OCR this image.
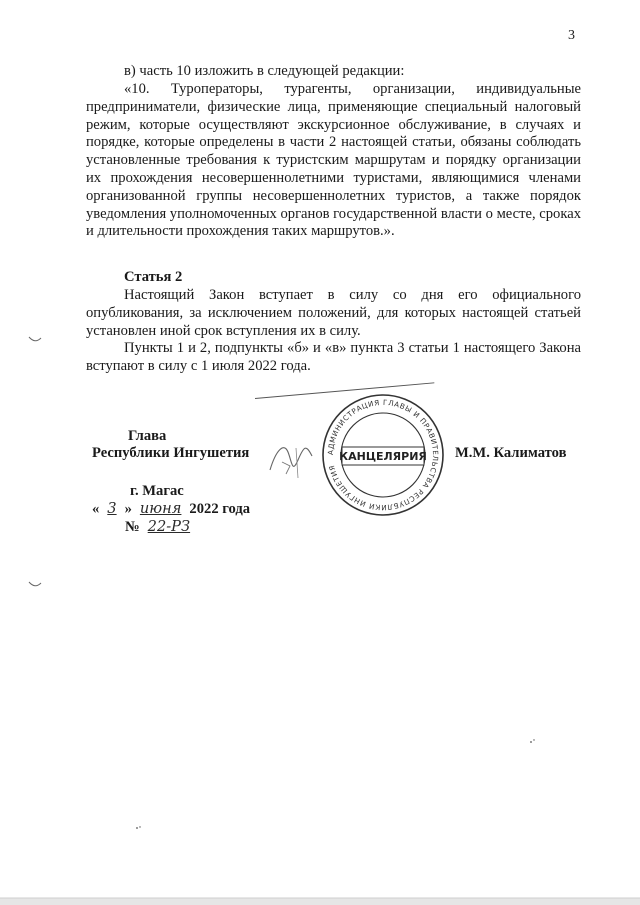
3

в) часть 10 изложить в следующей редакции:

«10. Туроператоры, турагенты, организации, индивидуальные предприниматели, физические лица, применяющие специальный налоговый режим, которые осуществляют экскурсионное обслуживание, в случаях и порядке, которые определены в части 2 настоящей статьи, обязаны соблюдать установленные требования к туристским маршрутам и порядку организации их прохождения несовершеннолетними туристами, являющимися членами организованной группы несовершеннолетних туристов, а также порядок уведомления уполномоченных органов государственной власти о месте, сроках и длительности прохождения таких маршрутов.».

Статья 2

Настоящий Закон вступает в силу со дня его официального опубликования, за исключением положений, для которых настоящей статьей установлен иной срок вступления их в силу.

Пункты 1 и 2, подпункты «б» и «в» пункта 3 статьи 1 настоящего Закона вступают в силу с 1 июля 2022 года.

АДМИНИСТРАЦИЯ ГЛАВЫ И ПРАВИТЕЛЬСТВА РЕСПУБЛИКИ ИНГУШЕТИЯ
КАНЦЕЛЯРИЯ
Глава
Республики Ингушетия	М.М. Калиматов
г. Магас
« 3 » июня 2022 года
№ 22-РЗ
